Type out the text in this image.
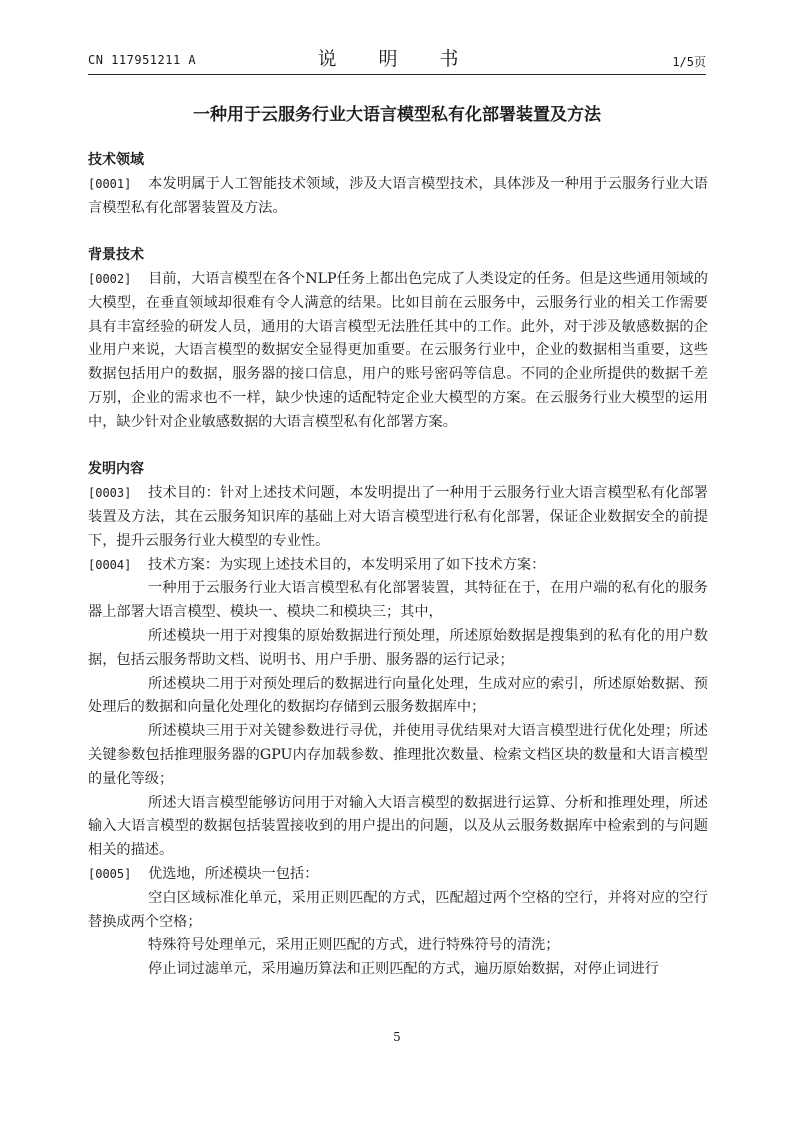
CN 117951211 A	说 明 书	1/5页
一种用于云服务行业大语言模型私有化部署装置及方法
技术领域
[0001] 本发明属于人工智能技术领域，涉及大语言模型技术，具体涉及一种用于云服务行业大语言模型私有化部署装置及方法。
背景技术
[0002] 目前，大语言模型在各个NLP任务上都出色完成了人类设定的任务。但是这些通用领域的大模型，在垂直领域却很难有令人满意的结果。比如目前在云服务中，云服务行业的相关工作需要具有丰富经验的研发人员，通用的大语言模型无法胜任其中的工作。此外，对于涉及敏感数据的企业用户来说，大语言模型的数据安全显得更加重要。在云服务行业中，企业的数据相当重要，这些数据包括用户的数据，服务器的接口信息，用户的账号密码等信息。不同的企业所提供的数据千差万别，企业的需求也不一样，缺少快速的适配特定企业大模型的方案。在云服务行业大模型的运用中，缺少针对企业敏感数据的大语言模型私有化部署方案。
发明内容
[0003] 技术目的：针对上述技术问题，本发明提出了一种用于云服务行业大语言模型私有化部署装置及方法，其在云服务知识库的基础上对大语言模型进行私有化部署，保证企业数据安全的前提下，提升云服务行业大模型的专业性。
[0004] 技术方案：为实现上述技术目的，本发明采用了如下技术方案：
一种用于云服务行业大语言模型私有化部署装置，其特征在于，在用户端的私有化的服务器上部署大语言模型、模块一、模块二和模块三；其中，
所述模块一用于对搜集的原始数据进行预处理，所述原始数据是搜集到的私有化的用户数据，包括云服务帮助文档、说明书、用户手册、服务器的运行记录；
所述模块二用于对预处理后的数据进行向量化处理，生成对应的索引，所述原始数据、预处理后的数据和向量化处理化的数据均存储到云服务数据库中；
所述模块三用于对关键参数进行寻优，并使用寻优结果对大语言模型进行优化处理；所述关键参数包括推理服务器的GPU内存加载参数、推理批次数量、检索文档区块的数量和大语言模型的量化等级；
所述大语言模型能够访问用于对输入大语言模型的数据进行运算、分析和推理处理，所述输入大语言模型的数据包括装置接收到的用户提出的问题，以及从云服务数据库中检索到的与问题相关的描述。
[0005] 优选地，所述模块一包括：
空白区域标准化单元，采用正则匹配的方式，匹配超过两个空格的空行，并将对应的空行替换成两个空格；
特殊符号处理单元，采用正则匹配的方式，进行特殊符号的清洗；
停止词过滤单元，采用遍历算法和正则匹配的方式，遍历原始数据，对停止词进行
5
